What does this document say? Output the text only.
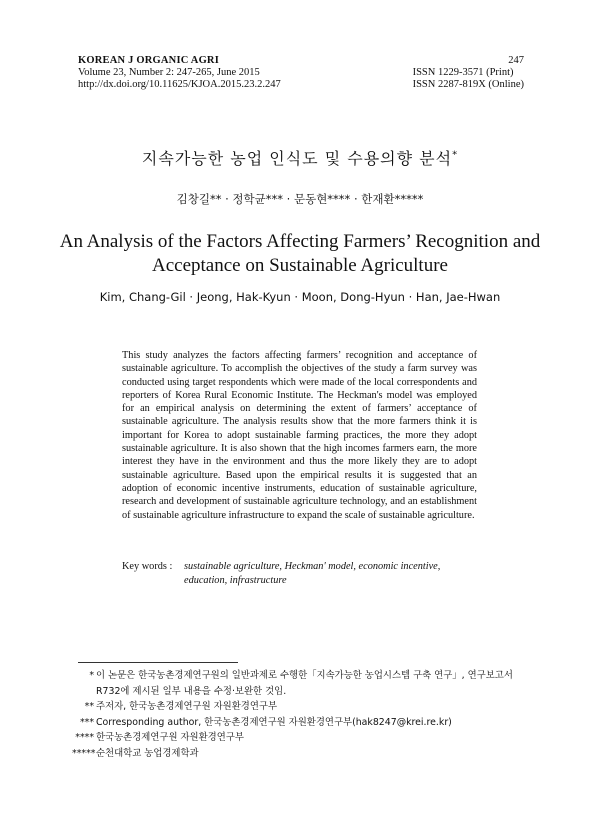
KOREAN J ORGANIC AGRI
Volume 23, Number 2: 247-265, June 2015
http://dx.doi.org/10.11625/KJOA.2015.23.2.247
247
ISSN 1229-3571 (Print)
ISSN 2287-819X (Online)
지속가능한 농업 인식도 및 수용의향 분석*
김창길** · 정학균*** · 문동현**** · 한재환*****
An Analysis of the Factors Affecting Farmers’ Recognition and
Acceptance on Sustainable Agriculture
Kim, Chang-Gil · Jeong, Hak-Kyun · Moon, Dong-Hyun · Han, Jae-Hwan
This study analyzes the factors affecting farmers’ recognition and acceptance of sustainable agriculture. To accomplish the objectives of the study a farm survey was conducted using target respondents which were made of the local correspondents and reporters of Korea Rural Economic Institute. The Heckman's model was employed for an empirical analysis on determining the extent of farmers’ acceptance of sustainable agriculture. The analysis results show that the more farmers think it is important for Korea to adopt sustainable farming practices, the more they adopt sustainable agriculture. It is also shown that the high incomes farmers earn, the more interest they have in the environment and thus the more likely they are to adopt sustainable agriculture. Based upon the empirical results it is suggested that an adoption of economic incentive instruments, education of sustainable agriculture, research and development of sustainable agriculture technology, and an establishment of sustainable agriculture infrastructure to expand the scale of sustainable agriculture.
Key words : sustainable agriculture, Heckman' model, economic incentive,
education, infrastructure
* 이 논문은 한국농촌경제연구원의 일반과제로 수행한「지속가능한 농업시스템 구축 연구」, 연구보고서 R732에 제시된 일부 내용을 수정·보완한 것임.
** 주저자, 한국농촌경제연구원 자원환경연구부
*** Corresponding author, 한국농촌경제연구원 자원환경연구부(hak8247@krei.re.kr)
**** 한국농촌경제연구원 자원환경연구부
***** 순천대학교 농업경제학과
